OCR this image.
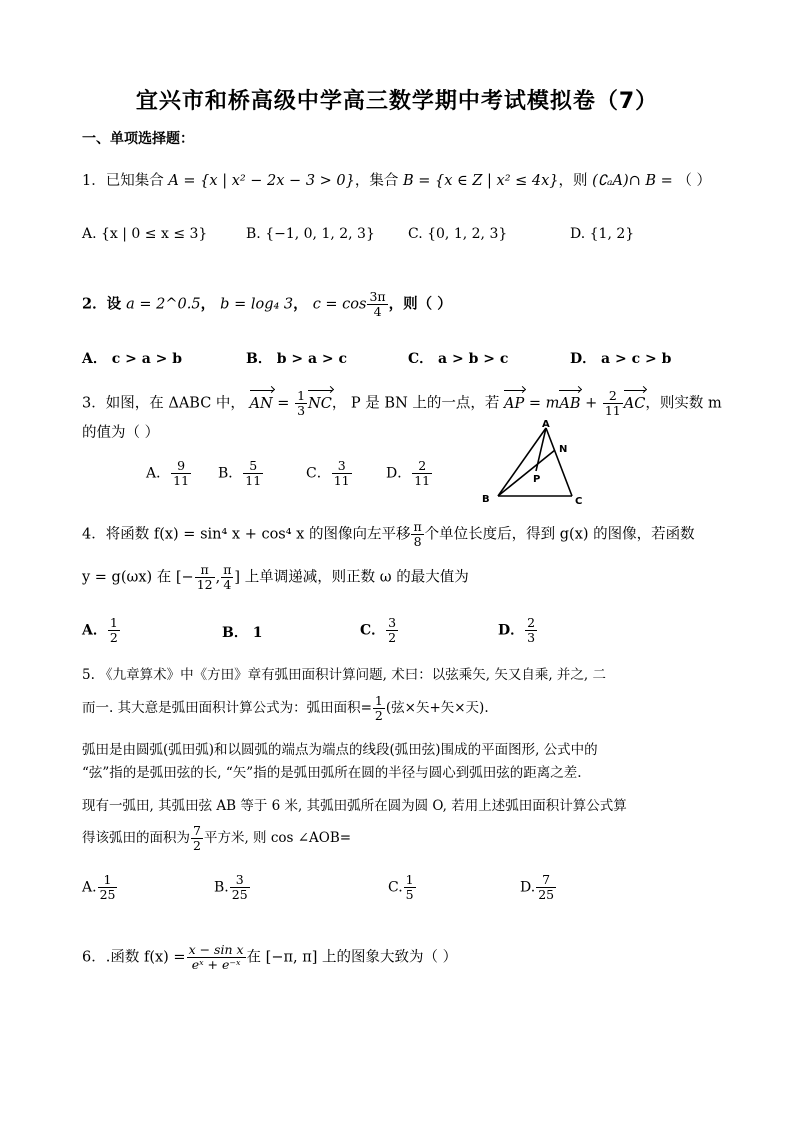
宜兴市和桥高级中学高三数学期中考试模拟卷（7）
一、单项选择题：
1．已知集合 A = {x | x² − 2x − 3 > 0}，集合 B = {x ∈ Z | x² ≤ 4x}，则 (∁ₐA)∩ B = （ ）
A. {x | 0 ≤ x ≤ 3}	B. {−1, 0, 1, 2, 3} C. {0, 1, 2, 3}	D. {1, 2}
2．设 a = 2^0.5， b = log₄ 3， $c = \cos \frac{3\pi}{4}$ ，则（ ）
A． c > a > b	B． b > a > c	C． a > b > c	D． a > c > b
3．如图，在 ΔABC 中， AN = $\frac{1}{3}$ NC， P 是 BN 上的一点，若 AP = mAB + $\frac{2}{11}$ AC，则实数 m
的值为（ ）
A． $\frac{9}{11}$ B． $\frac{5}{11}$	C． $\frac{3}{11}$ D． $\frac{2}{11}$
A
N
P
B	C
4．将函数 f(x) = sin⁴ x + cos⁴ x 的图像向左平移 $\frac{\pi}{8}$ 个单位长度后，得到 g(x) 的图像，若函数
y = g(ωx) 在 [− $\frac{\pi}{12}$ , $\frac{\pi}{4}$ ] 上单调递减，则正数 ω 的最大值为
A． $\frac{1}{2}$	B． 1	C． $\frac{3}{2}$	D． $\frac{2}{3}$
5. 《九章算术》中《方田》章有弧田面积计算问题, 术曰：以弦乘矢, 矢又自乘, 并之, 二
而一. 其大意是弧田面积计算公式为：弧田面积= $\frac{1}{2}$ (弦×矢+矢×天).
弧田是由圆弧(弧田弧)和以圆弧的端点为端点的线段(弧田弦)围成的平面图形, 公式中的
“弦”指的是弧田弦的长, “矢”指的是弧田弧所在圆的半径与圆心到弧田弦的距离之差.
现有一弧田, 其弧田弦 AB 等于 6 米, 其弧田弧所在圆为圆 O, 若用上述弧田面积计算公式算
得该弧田的面积为 $\frac{7}{2}$ 平方米, 则 cos ∠AOB=
A. $\frac{1}{25}$	B. $\frac{3}{25}$	C. $\frac{1}{5}$	D. $\frac{7}{25}$
6．.函数 $f(x) = \frac{\text{x − sin x}}{\text{eˣ + e⁻ˣ}}$ 在 [−π, π] 上的图象大致为（ ）
